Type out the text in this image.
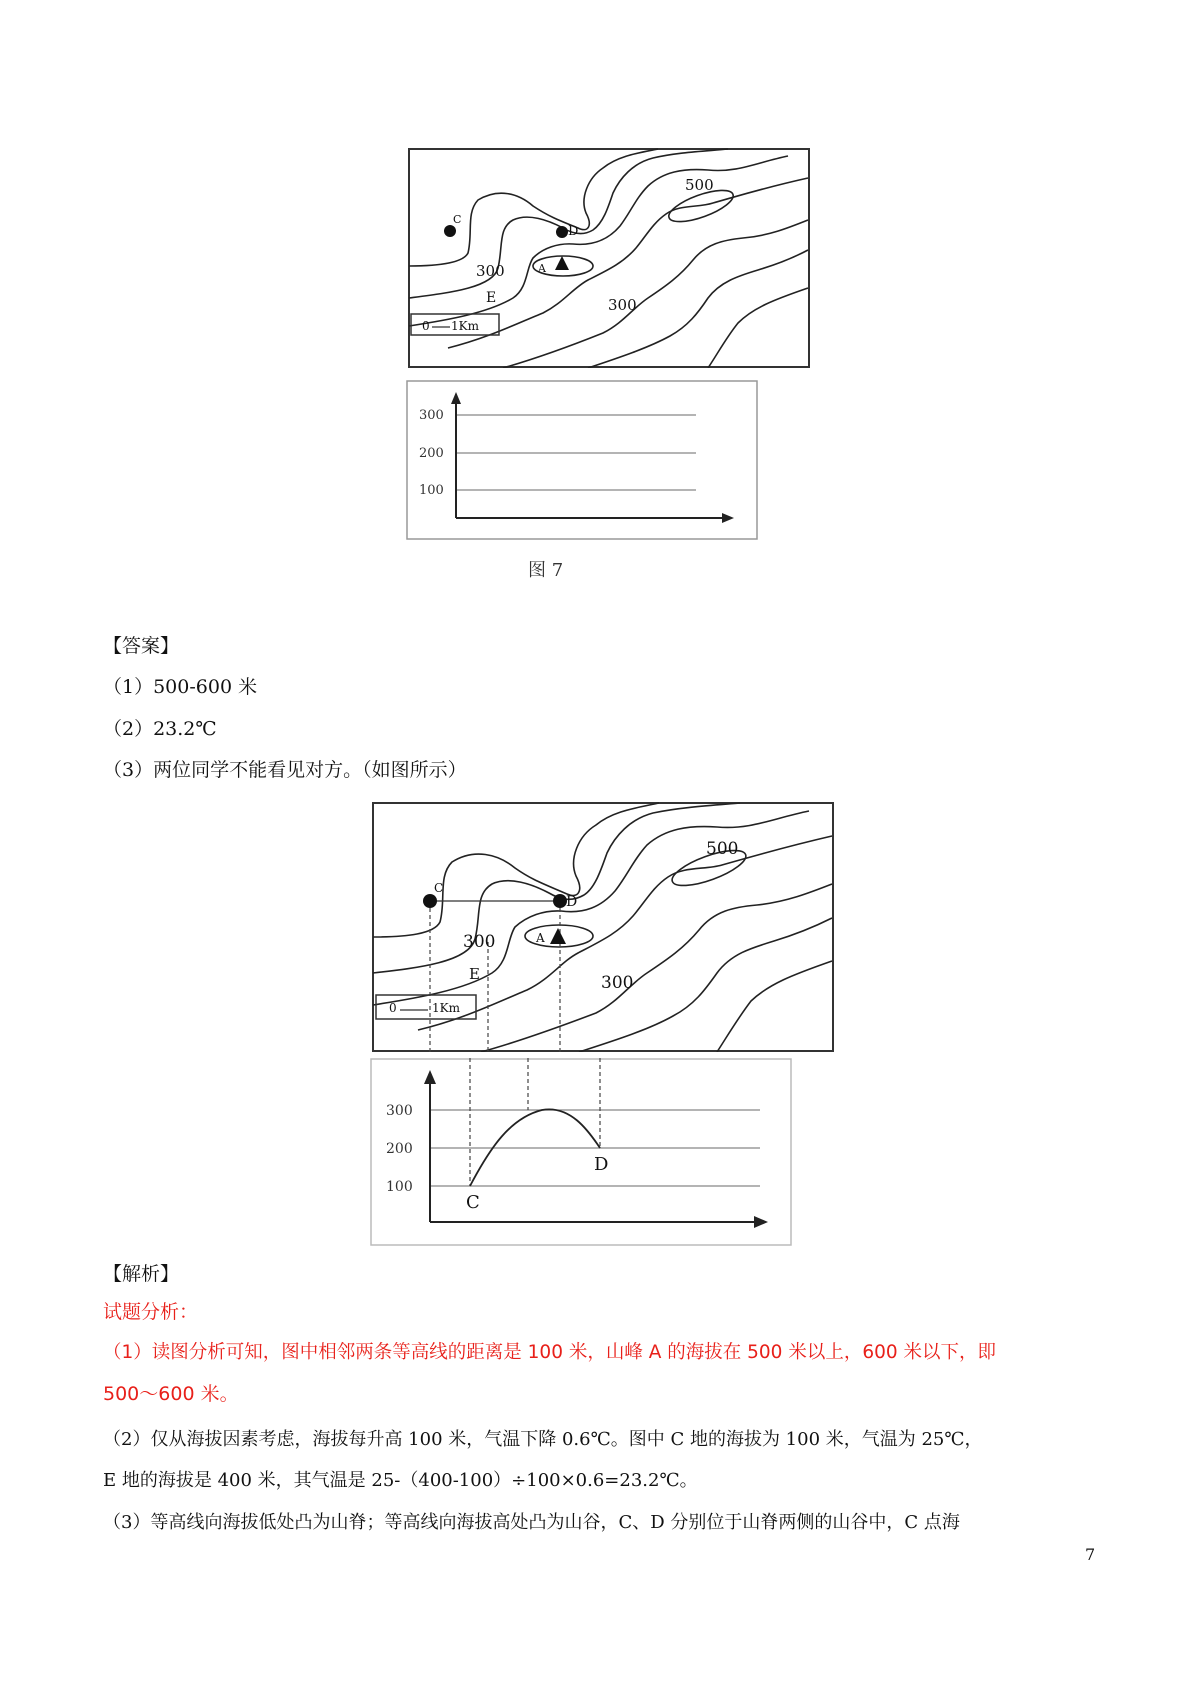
500
300
300
C
D
A
E
0 1Km
300
200
100
图 7
【答案】
（1）500-600 米
（2）23.2℃
（3）两位同学不能看见对方。（如图所示）
500
300
300
C
D
A
E
0	1Km
300
200
100
C
D
【解析】
试题分析：
（1）读图分析可知，图中相邻两条等高线的距离是 100 米，山峰 A 的海拔在 500 米以上，600 米以下，即
500～600 米。
（2）仅从海拔因素考虑，海拔每升高 100 米，气温下降 0.6℃。图中 C 地的海拔为 100 米，气温为 25℃，
E 地的海拔是 400 米，其气温是 25-（400-100）÷100×0.6=23.2℃。
（3）等高线向海拔低处凸为山脊；等高线向海拔高处凸为山谷，C、D 分别位于山脊两侧的山谷中，C 点海
7
